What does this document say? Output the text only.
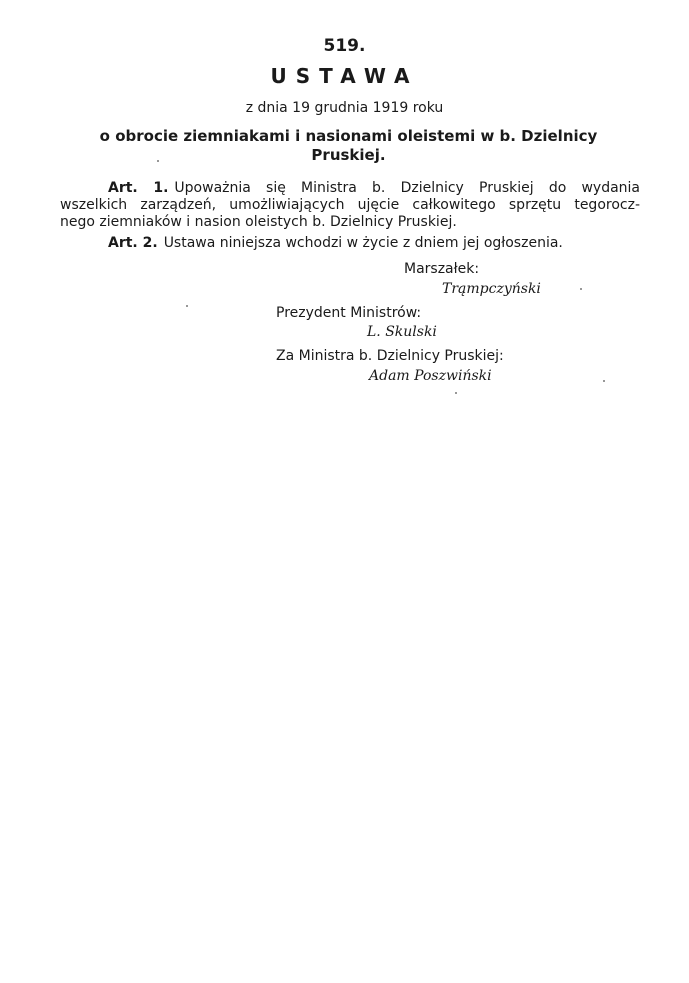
519.
USTAWA
z dnia 19 grudnia 1919 roku
o obrocie ziemniakami i nasionami oleistemi w b. Dzielnicy Pruskiej.
Art. 1. Upoważnia się Ministra b. Dzielnicy Pruskiej do wydania
wszelkich zarządzeń, umożliwiających ujęcie całkowitego sprzętu tegorocz-
nego ziemniaków i nasion oleistych b. Dzielnicy Pruskiej.
Art. 2. Ustawa niniejsza wchodzi w życie z dniem jej ogłoszenia.
Marszałek:
Trąmpczyński
Prezydent Ministrów:
L. Skulski
Za Ministra b. Dzielnicy Pruskiej:
Adam Poszwiński
